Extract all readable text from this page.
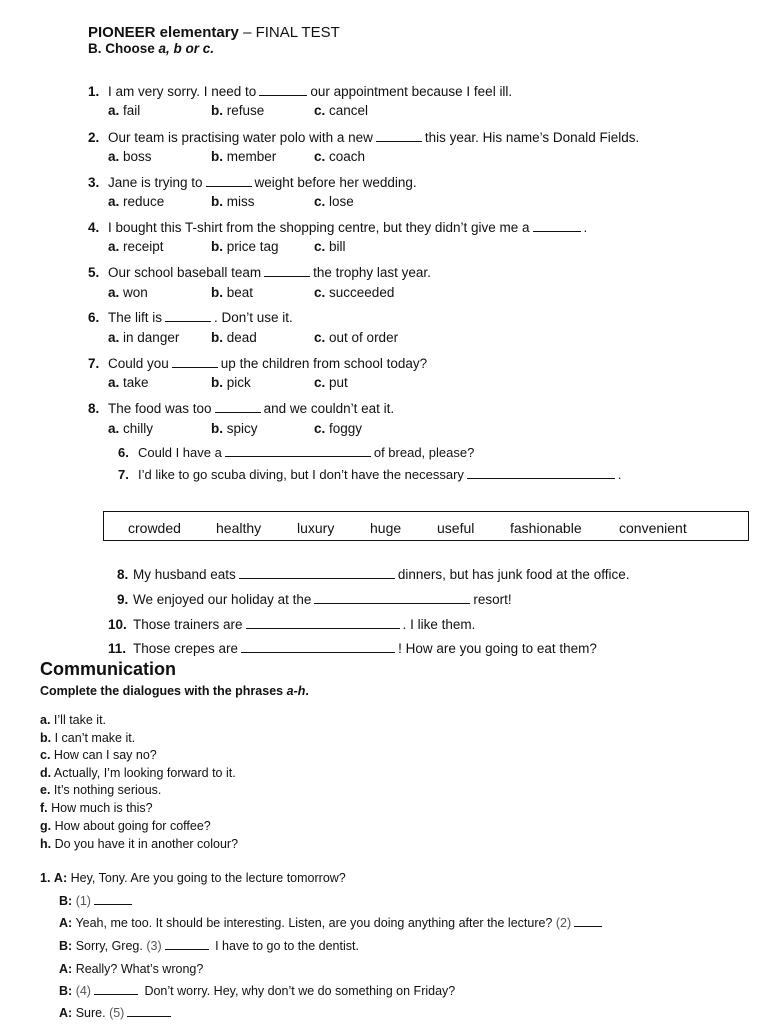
PIONEER elementary – FINAL TEST
B. Choose a, b or c.
1. I am very sorry. I need to	our appointment because I feel ill.
a. fail	b. refuse	c. cancel
2. Our team is practising water polo with a new	this year. His name’s Donald Fields.
a. boss	b. member	c. coach
3. Jane is trying to	weight before her wedding.
a. reduce	b. miss	c. lose
4. I bought this T-shirt from the shopping centre, but they didn’t give me a	.
a. receipt	b. price tag	c. bill
5. Our school baseball team	the trophy last year.
a. won	b. beat	c. succeeded
6. The lift is	. Don’t use it.
a. in danger b. dead	c. out of order
7. Could you	up the children from school today?
a. take	b. pick	c. put
8. The food was too	and we couldn’t eat it.
a. chilly	b. spicy	c. foggy
6. Could I have a	of bread, please?
7. I’d like to go scuba diving, but I don’t have the necessary	.
crowded	healthy	luxury	huge	useful	fashionable	convenient
8. My husband eats	dinners, but has junk food at the office.
9. We enjoyed our holiday at the	resort!
10. Those trainers are	. I like them.
11. Those crepes are	! How are you going to eat them?
Communication
Complete the dialogues with the phrases a-h.
a. I’ll take it.
b. I can’t make it.
c. How can I say no?
d. Actually, I’m looking forward to it.
e. It’s nothing serious.
f. How much is this?
g. How about going for coffee?
h. Do you have it in another colour?
1. A: Hey, Tony. Are you going to the lecture tomorrow?
B: (1)
A: Yeah, me too. It should be interesting. Listen, are you doing anything after the lecture? (2)
B: Sorry, Greg. (3)	I have to go to the dentist.
A: Really? What’s wrong?
B: (4)	Don’t worry. Hey, why don’t we do something on Friday?
A: Sure. (5)
